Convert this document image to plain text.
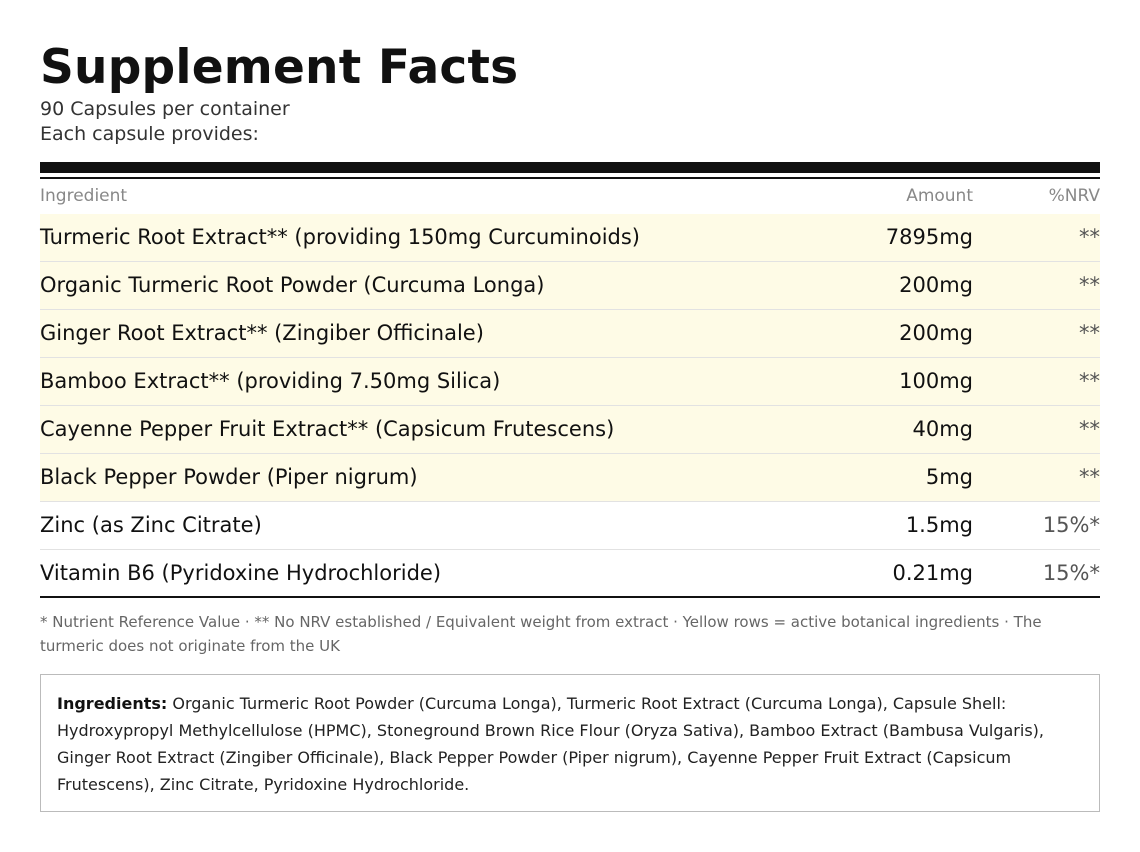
Supplement Facts
90 Capsules per container
Each capsule provides:
Ingredient	Amount	%NRV
Turmeric Root Extract** (providing 150mg Curcuminoids)	7895mg	**
Organic Turmeric Root Powder (Curcuma Longa)	200mg	**
Ginger Root Extract** (Zingiber Officinale)	200mg	**
Bamboo Extract** (providing 7.50mg Silica)	100mg	**
Cayenne Pepper Fruit Extract** (Capsicum Frutescens)	40mg	**
Black Pepper Powder (Piper nigrum)	5mg	**
Zinc (as Zinc Citrate)	1.5mg	15%*
Vitamin B6 (Pyridoxine Hydrochloride)	0.21mg	15%*
* Nutrient Reference Value · ** No NRV established / Equivalent weight from extract · Yellow rows = active botanical ingredients · The turmeric does not originate from the UK
Ingredients: Organic Turmeric Root Powder (Curcuma Longa), Turmeric Root Extract (Curcuma Longa), Capsule Shell: Hydroxypropyl Methylcellulose (HPMC), Stoneground Brown Rice Flour (Oryza Sativa), Bamboo Extract (Bambusa Vulgaris), Ginger Root Extract (Zingiber Officinale), Black Pepper Powder (Piper nigrum), Cayenne Pepper Fruit Extract (Capsicum Frutescens), Zinc Citrate, Pyridoxine Hydrochloride.
